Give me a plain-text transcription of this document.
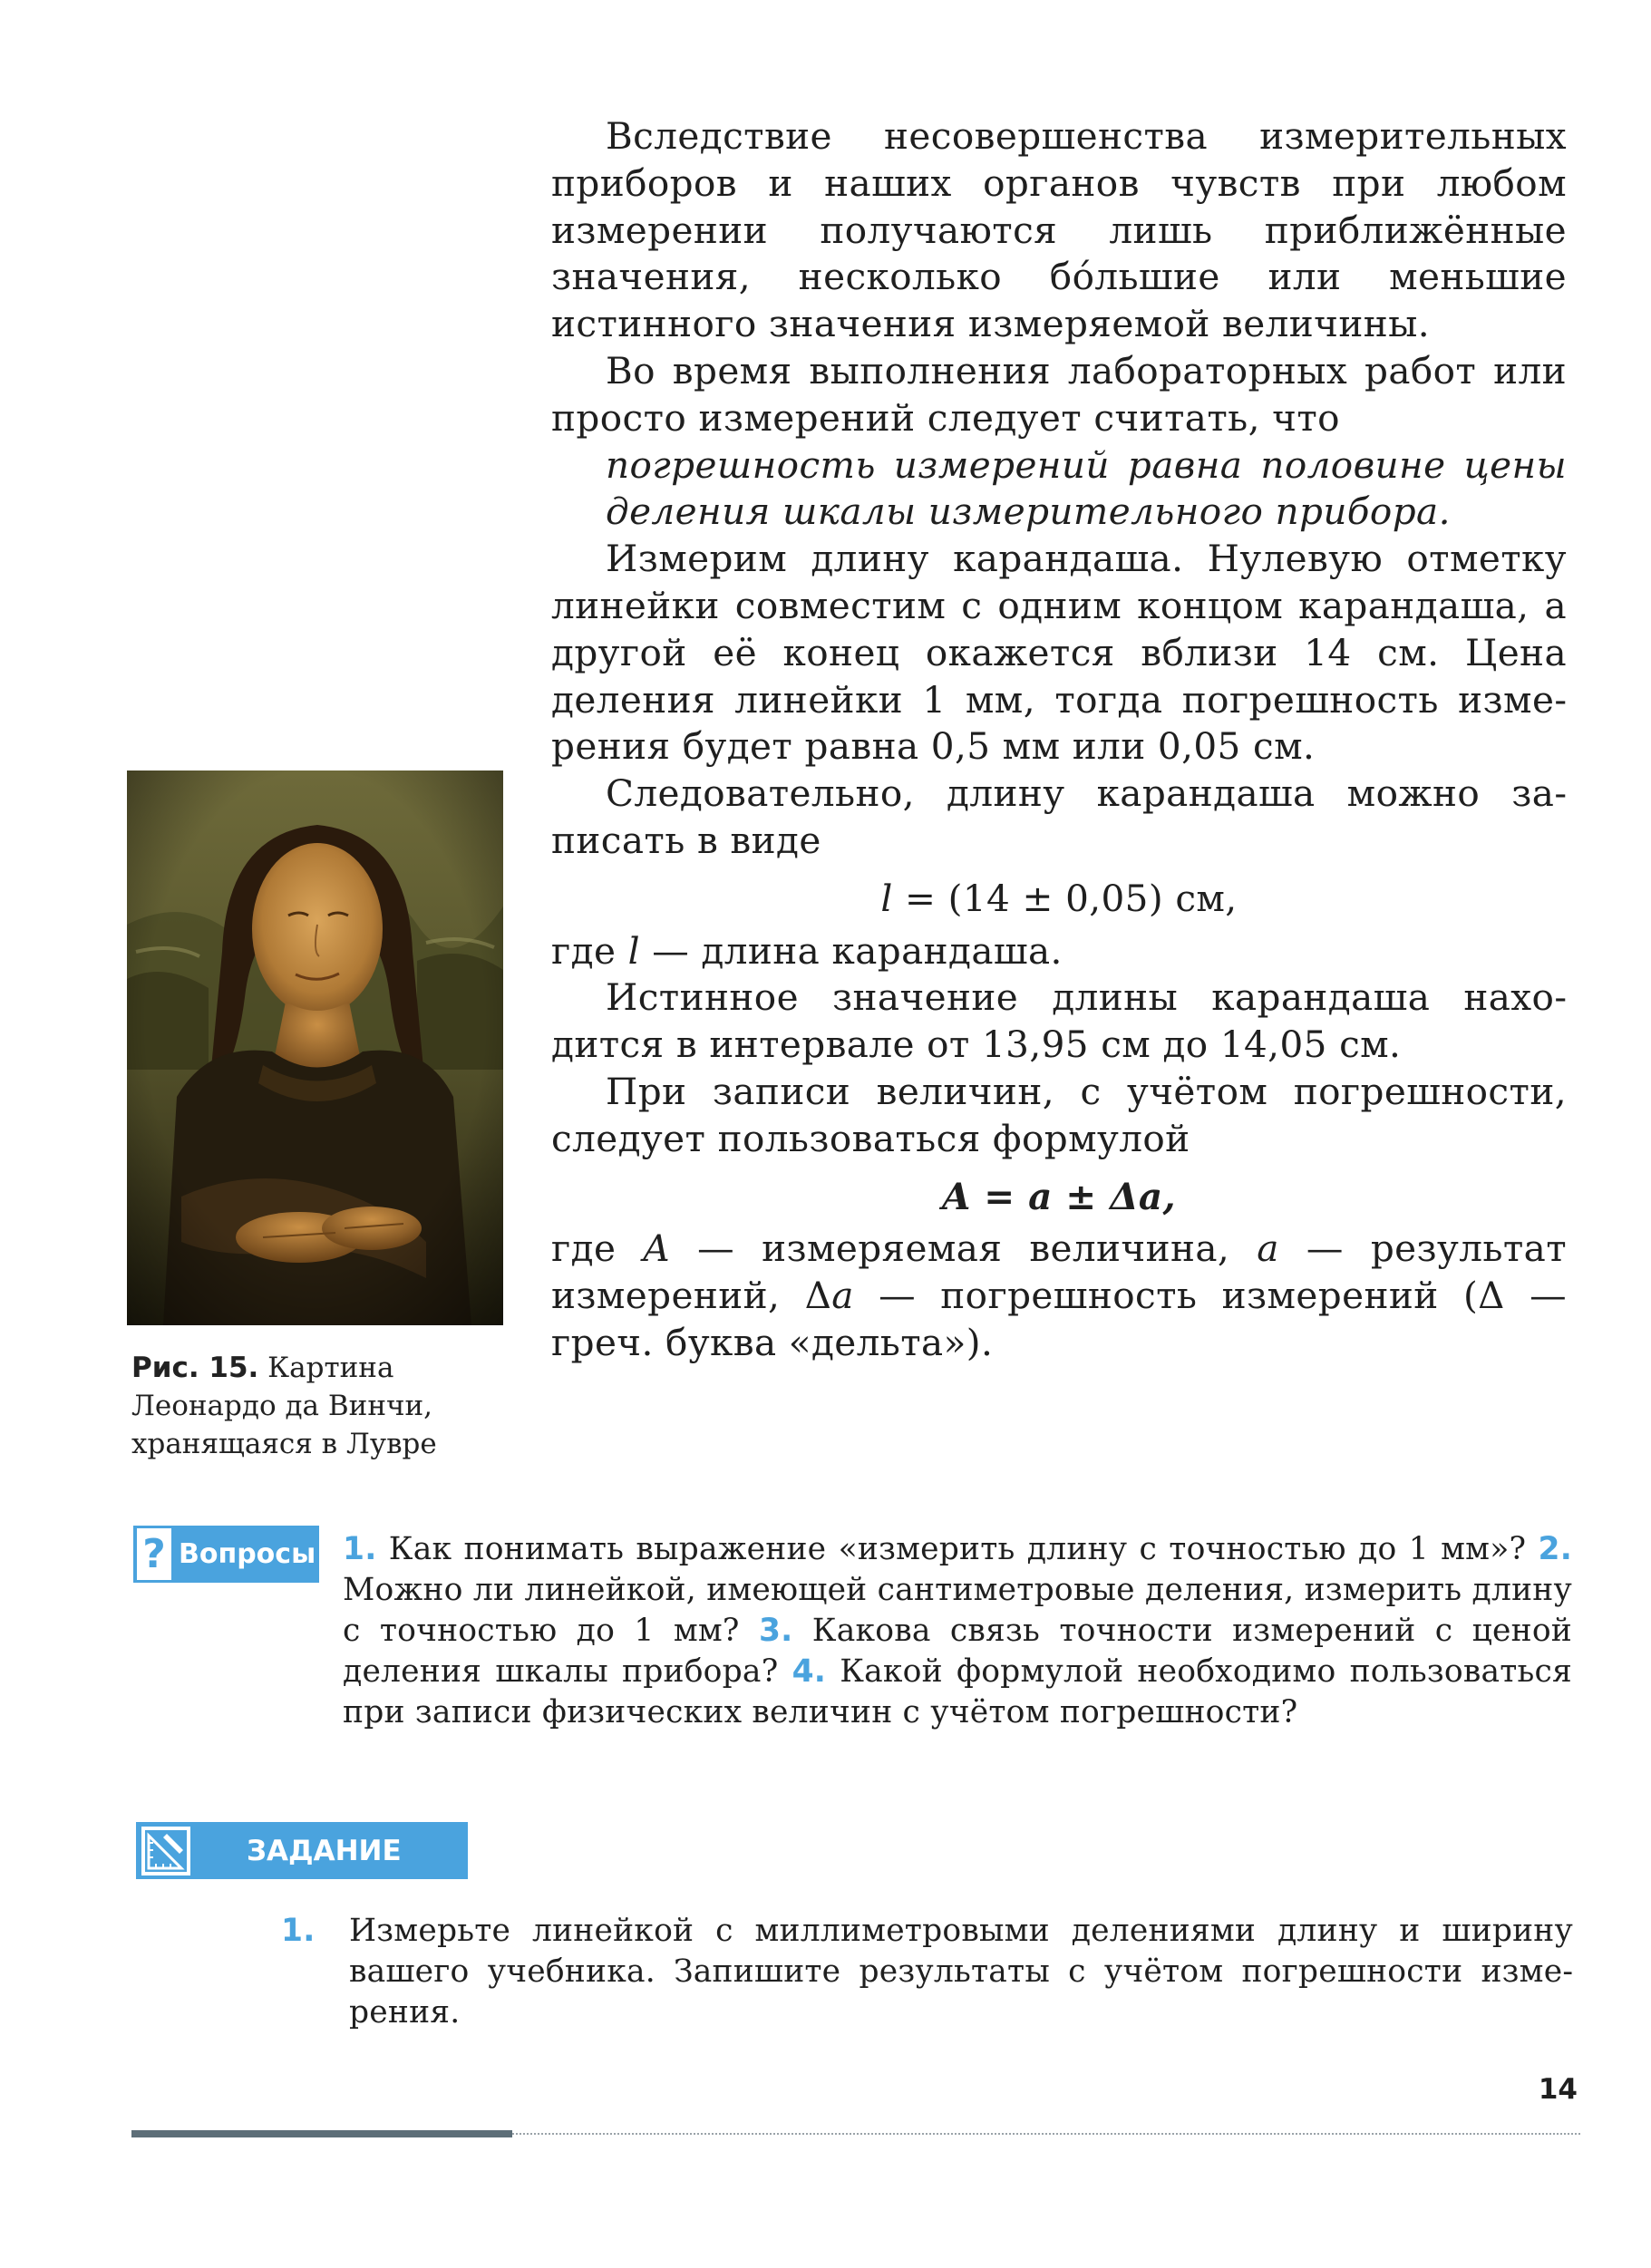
Вследствие несовершенства измерительных приборов и наших органов чувств при любом измерении получаются лишь приближённые значения, несколько бо́льшие или меньшие истинного значения измеряемой величины.

Во время выполнения лабораторных работ или просто измерений следует считать, что

погрешность измерений равна половине цены деления шкалы измерительного прибора.

Измерим длину карандаша. Нулевую отметку линейки совместим с одним концом карандаша, а другой её конец окажется вблизи 14 см. Цена деления линейки 1 мм, тогда погрешность измерения будет равна 0,5 мм или 0,05 см.

Следовательно, длину карандаша можно записать в виде

l = (14 ± 0,05) см,

где l — длина карандаша.

Истинное значение длины карандаша находится в интервале от 13,95 см до 14,05 см.

При записи величин, с учётом погрешности, следует пользоваться формулой

A = a ± Δa,

где A — измеряемая величина, a — результат измерений, Δa — погрешность измерений (Δ — греч. буква «дельта»).

Рис. 15. Картина Леонардо да Винчи, хранящаяся в Лувре
? Вопросы 1. Как понимать выражение «измерить длину с точностью до 1 мм»? 2. Можно ли линейкой, имеющей сантиметровые деления, измерить длину с точностью до 1 мм? 3. Какова связь точности измерений с ценой деления шкалы прибора? 4. Какой формулой необходимо пользоваться при записи физических величин с учётом погрешности?
ЗАДАНИЕ
1.	Измерьте линейкой с миллиметровыми делениями длину и ширину вашего учебника. Запишите результаты с учётом погрешности измерения.
14
